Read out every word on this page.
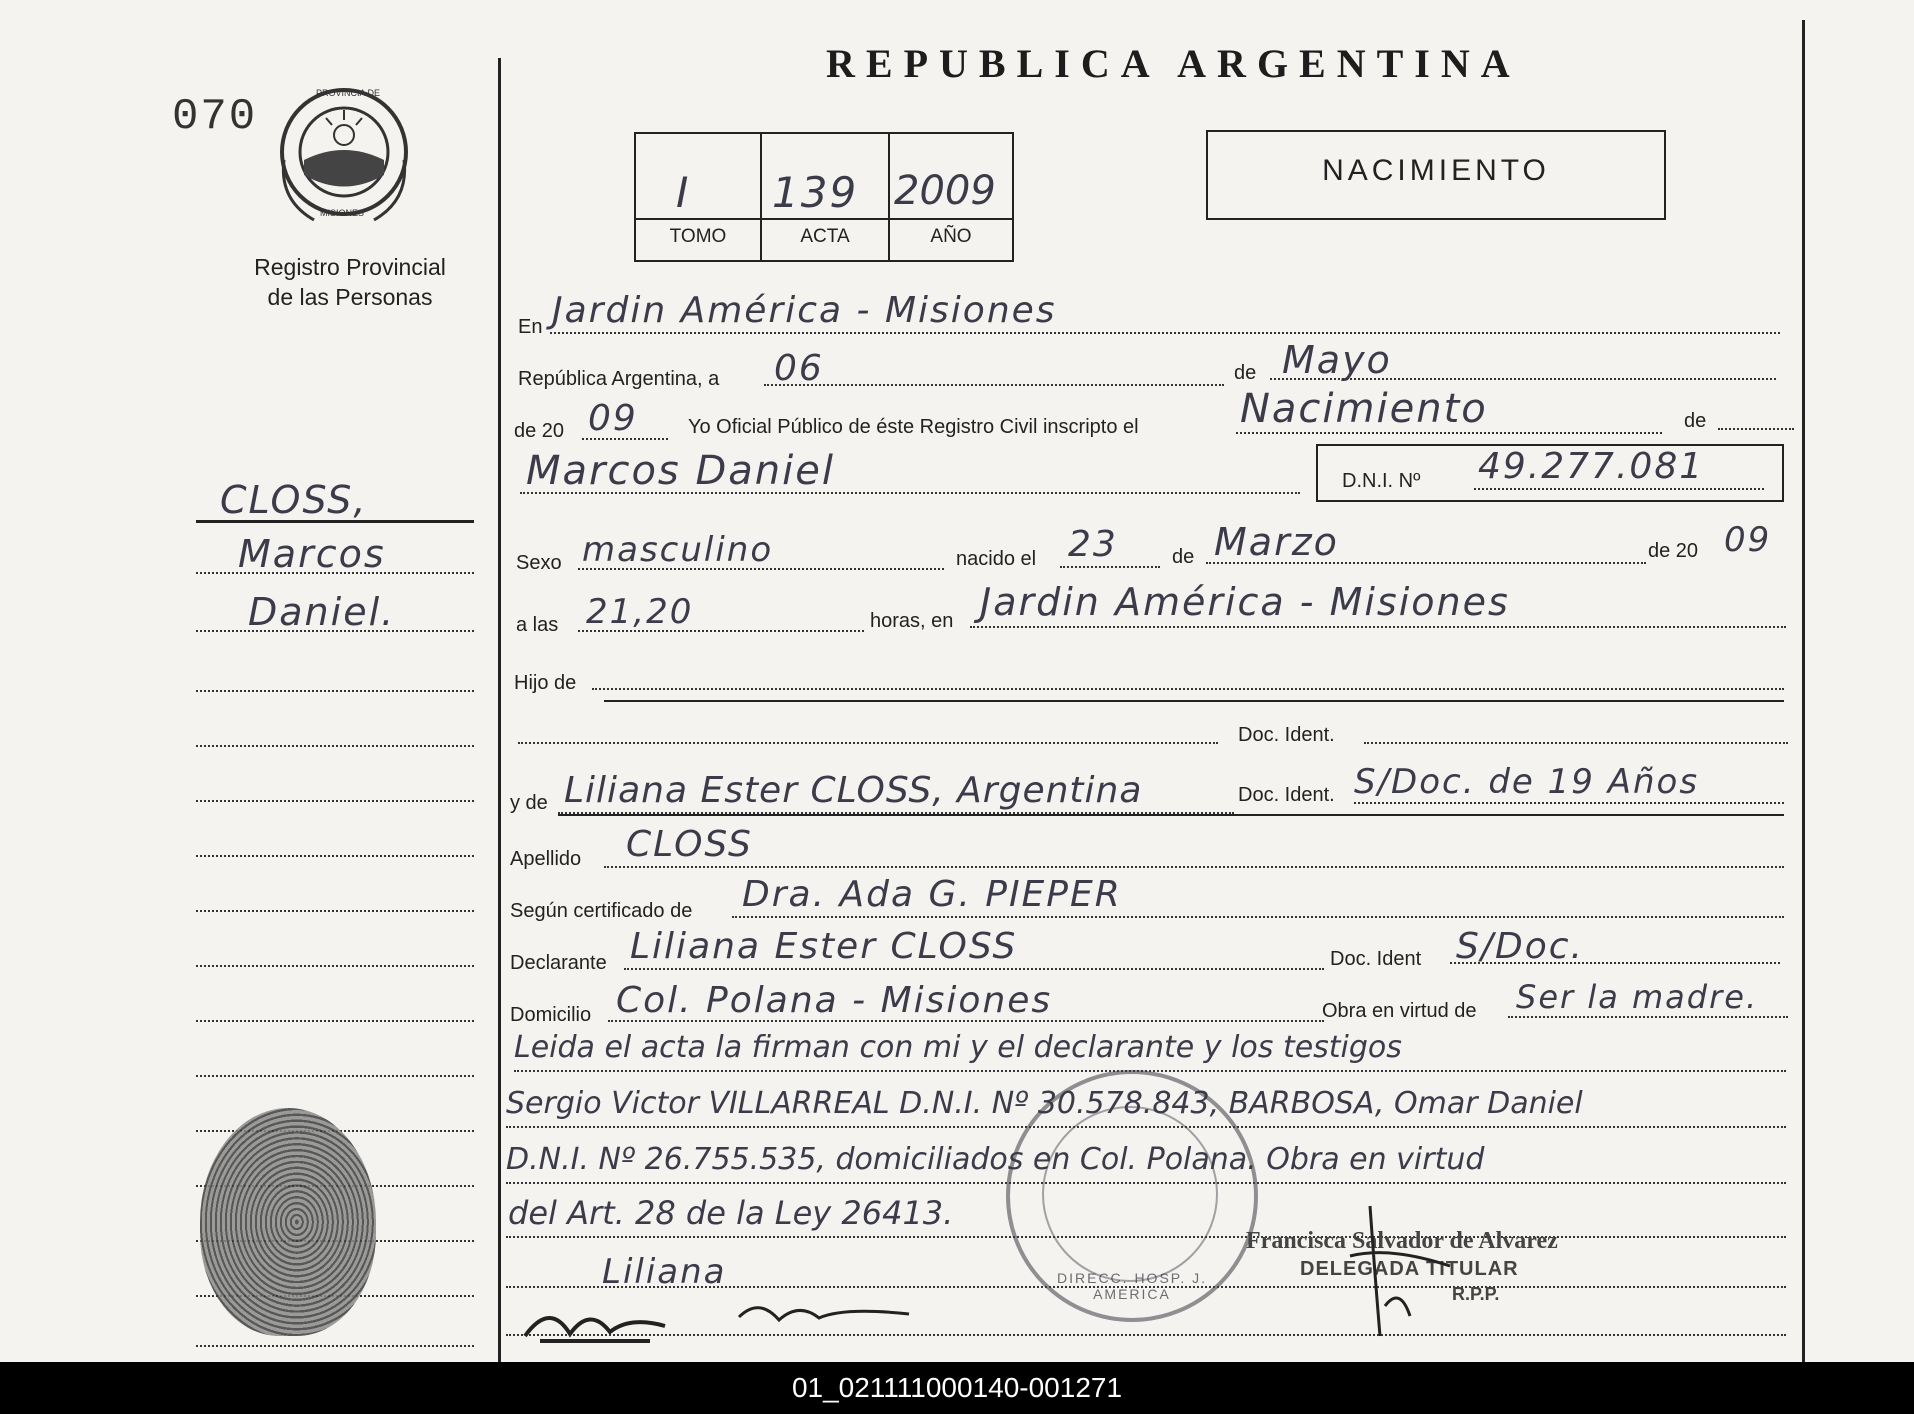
070	PROVINCIA DE
MISIONES
Registro Provincial
de las Personas
CLOSS,
Marcos
Daniel.
REPUBLICA ARGENTINA
I 139 2009
TOMO	ACTA	AÑO
NACIMIENTO
En Jardin América - Misiones
República Argentina, a 06	de Mayo
de 20 09	Yo Oficial Público de éste Registro Civil inscripto el	Nacimiento	de
Marcos Daniel	D.N.I. Nº 49.277.081
Sexo masculino	nacido el 23	de Marzo	de 20 09
a las 21,20	horas, en Jardin América - Misiones
Hijo de
Doc. Ident.
y de Liliana Ester CLOSS, Argentina	Doc. Ident. S/Doc. de 19 Años
Apellido CLOSS
Según certificado de Dra. Ada G. PIEPER
Declarante Liliana Ester CLOSS	Doc. Ident S/Doc.
Domicilio Col. Polana - Misiones	Obra en virtud de Ser la madre.
Leida el acta la firman con mi y el declarante y los testigos
Sergio Victor VILLARREAL D.N.I. Nº 30.578.843, BARBOSA, Omar Daniel
D.N.I. Nº 26.755.535, domiciliados en Col. Polana. Obra en virtud
del Art. 28 de la Ley 26413.
Liliana	DIRECC. HOSP. J. AMERICA
Francisca Salvador de Alvarez
DELEGADA TITULAR
R.P.P.
01_021111000140-001271
